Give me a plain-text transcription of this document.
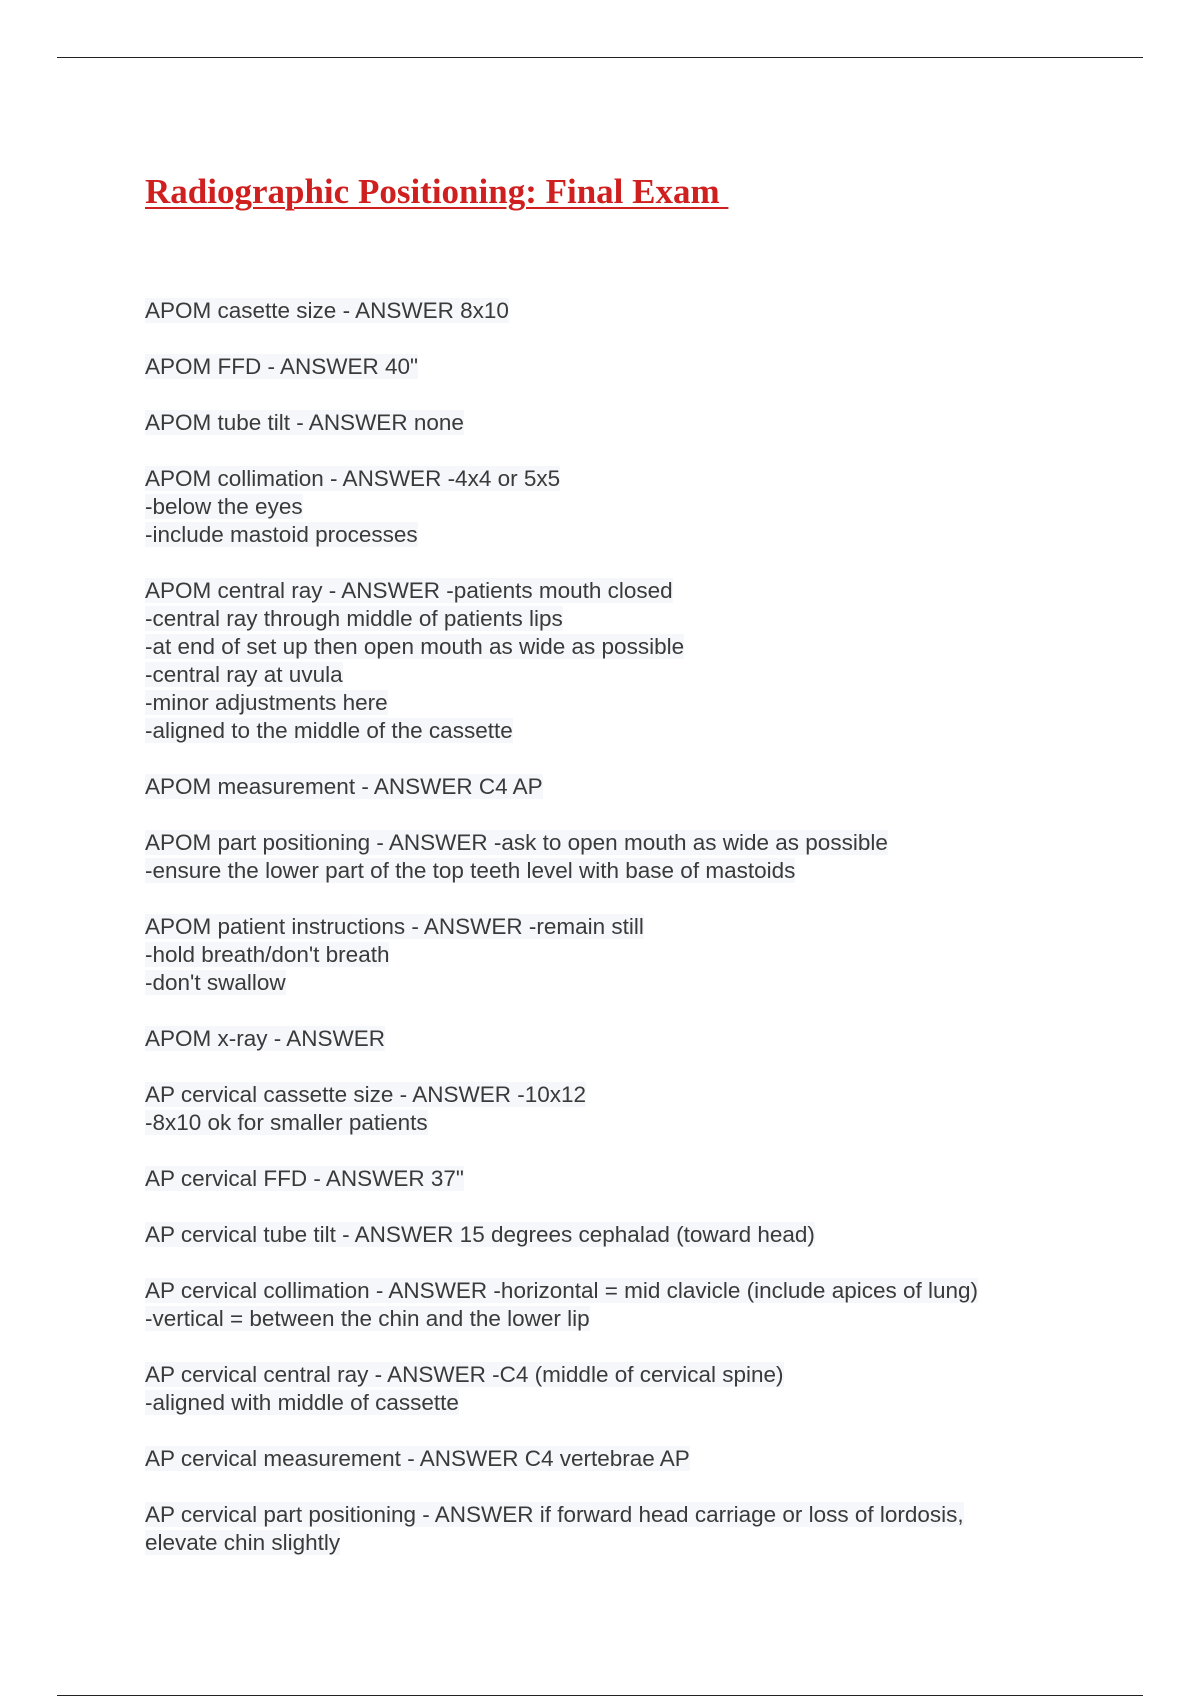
Radiographic Positioning: Final Exam
APOM casette size - ANSWER 8x10
APOM FFD - ANSWER 40"
APOM tube tilt - ANSWER none
APOM collimation - ANSWER -4x4 or 5x5
-below the eyes
-include mastoid processes
APOM central ray - ANSWER -patients mouth closed
-central ray through middle of patients lips
-at end of set up then open mouth as wide as possible
-central ray at uvula
-minor adjustments here
-aligned to the middle of the cassette
APOM measurement - ANSWER C4 AP
APOM part positioning - ANSWER -ask to open mouth as wide as possible
-ensure the lower part of the top teeth level with base of mastoids
APOM patient instructions - ANSWER -remain still
-hold breath/don't breath
-don't swallow
APOM x-ray - ANSWER
AP cervical cassette size - ANSWER -10x12
-8x10 ok for smaller patients
AP cervical FFD - ANSWER 37"
AP cervical tube tilt - ANSWER 15 degrees cephalad (toward head)
AP cervical collimation - ANSWER -horizontal = mid clavicle (include apices of lung)
-vertical = between the chin and the lower lip
AP cervical central ray - ANSWER -C4 (middle of cervical spine)
-aligned with middle of cassette
AP cervical measurement - ANSWER C4 vertebrae AP
AP cervical part positioning - ANSWER if forward head carriage or loss of lordosis,
elevate chin slightly
